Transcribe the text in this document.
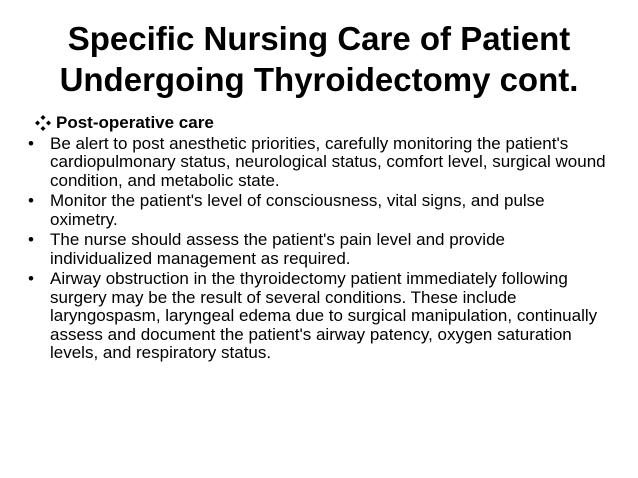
Specific Nursing Care of Patient
Undergoing Thyroidectomy cont.
Post-operative care
• Be alert to post anesthetic priorities, carefully monitoring the patient's cardiopulmonary status, neurological status, comfort level, surgical wound condition, and metabolic state.
• Monitor the patient's level of consciousness, vital signs, and pulse oximetry.
• The nurse should assess the patient's pain level and provide individualized management as required.
• Airway obstruction in the thyroidectomy patient immediately following surgery may be the result of several conditions. These include laryngospasm, laryngeal edema due to surgical manipulation, continually assess and document the patient's airway patency, oxygen saturation levels, and respiratory status.
